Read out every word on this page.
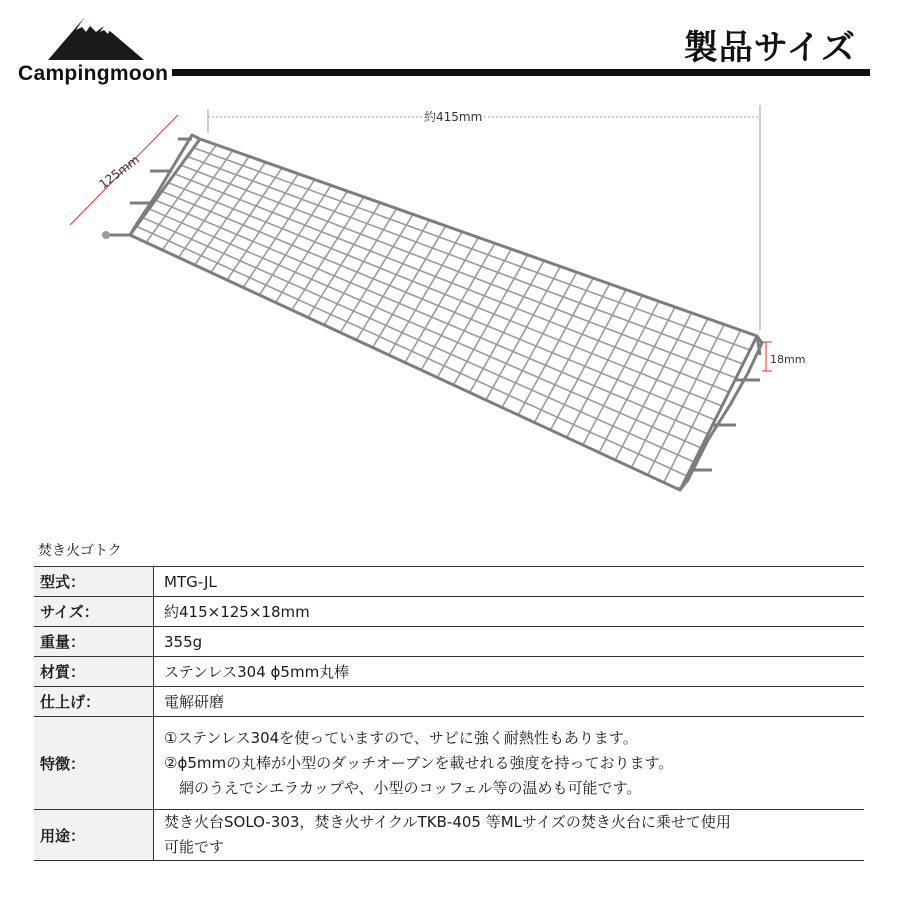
Campingmoon
製品サイズ
約415mm
125mm
18mm
焚き火ゴトク
型式：	MTG-JL
サイズ：	約415×125×18mm
重量：	355g
材質：	ステンレス304 ϕ5mm丸棒
仕上げ：	電解研磨
特徴：	①ステンレス304を使っていますので、サビに強く耐熱性もあります。
②ϕ5mmの丸棒が小型のダッチオーブンを載せれる強度を持っております。
　網のうえでシエラカップや、小型のコッフェル等の温めも可能です。

用途：	焚き火台SOLO-303，焚き火サイクルTKB-405 等MLサイズの焚き火台に乗せて使用
可能です
